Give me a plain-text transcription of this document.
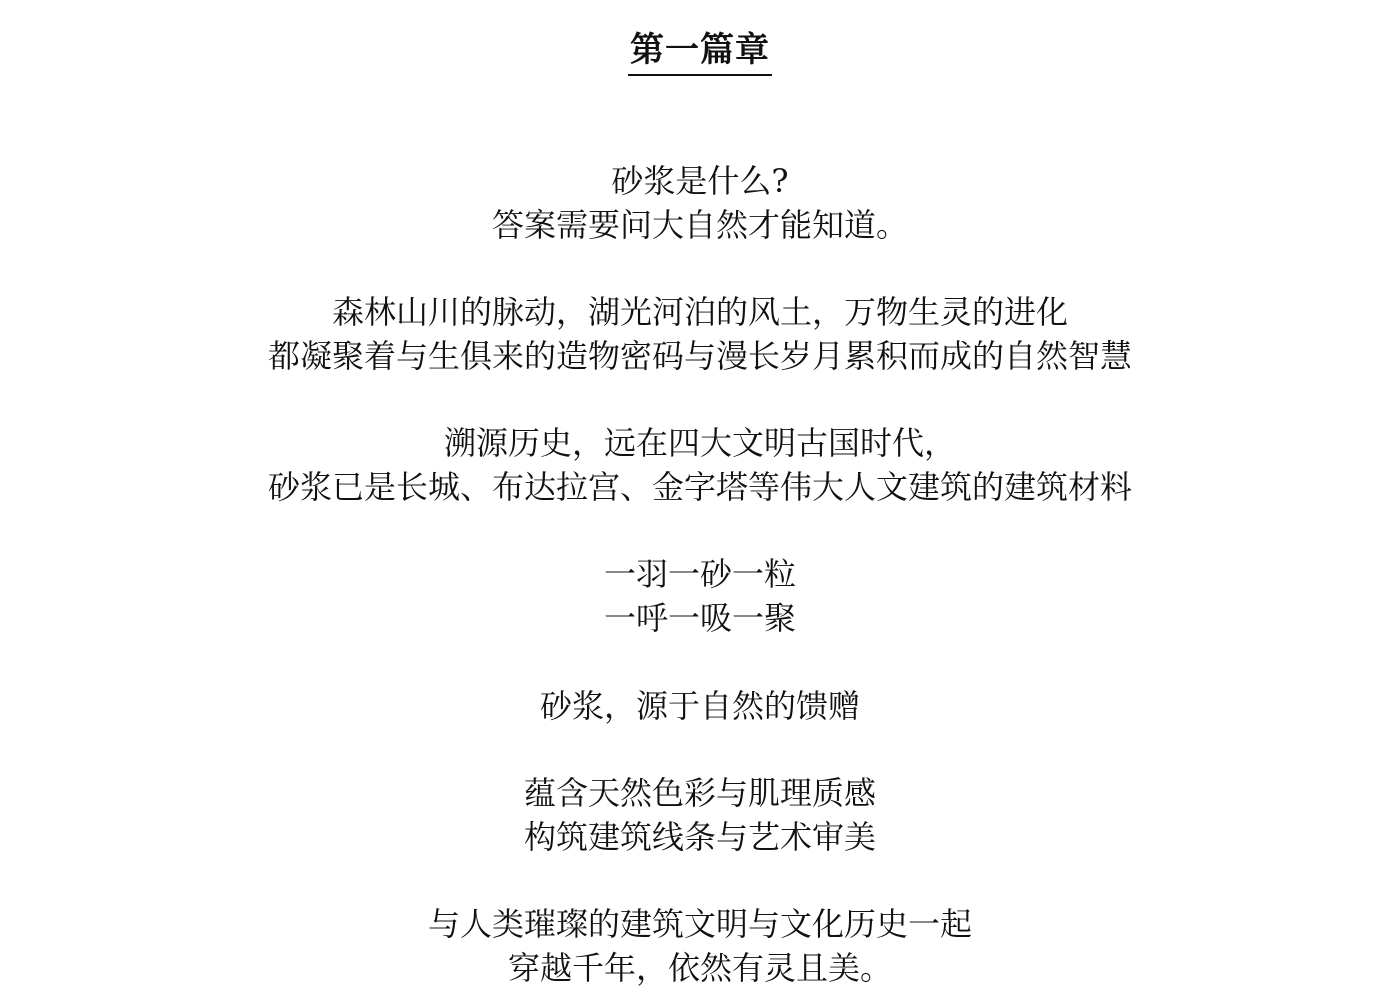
第一篇章
砂浆是什么?
答案需要问大自然才能知道。
森林山川的脉动，湖光河泊的风土，万物生灵的进化
都凝聚着与生俱来的造物密码与漫长岁月累积而成的自然智慧
溯源历史，远在四大文明古国时代，
砂浆已是长城、布达拉宫、金字塔等伟大人文建筑的建筑材料
一羽一砂一粒
一呼一吸一聚
砂浆，源于自然的馈赠
蕴含天然色彩与肌理质感
构筑建筑线条与艺术审美
与人类璀璨的建筑文明与文化历史一起
穿越千年，依然有灵且美。
